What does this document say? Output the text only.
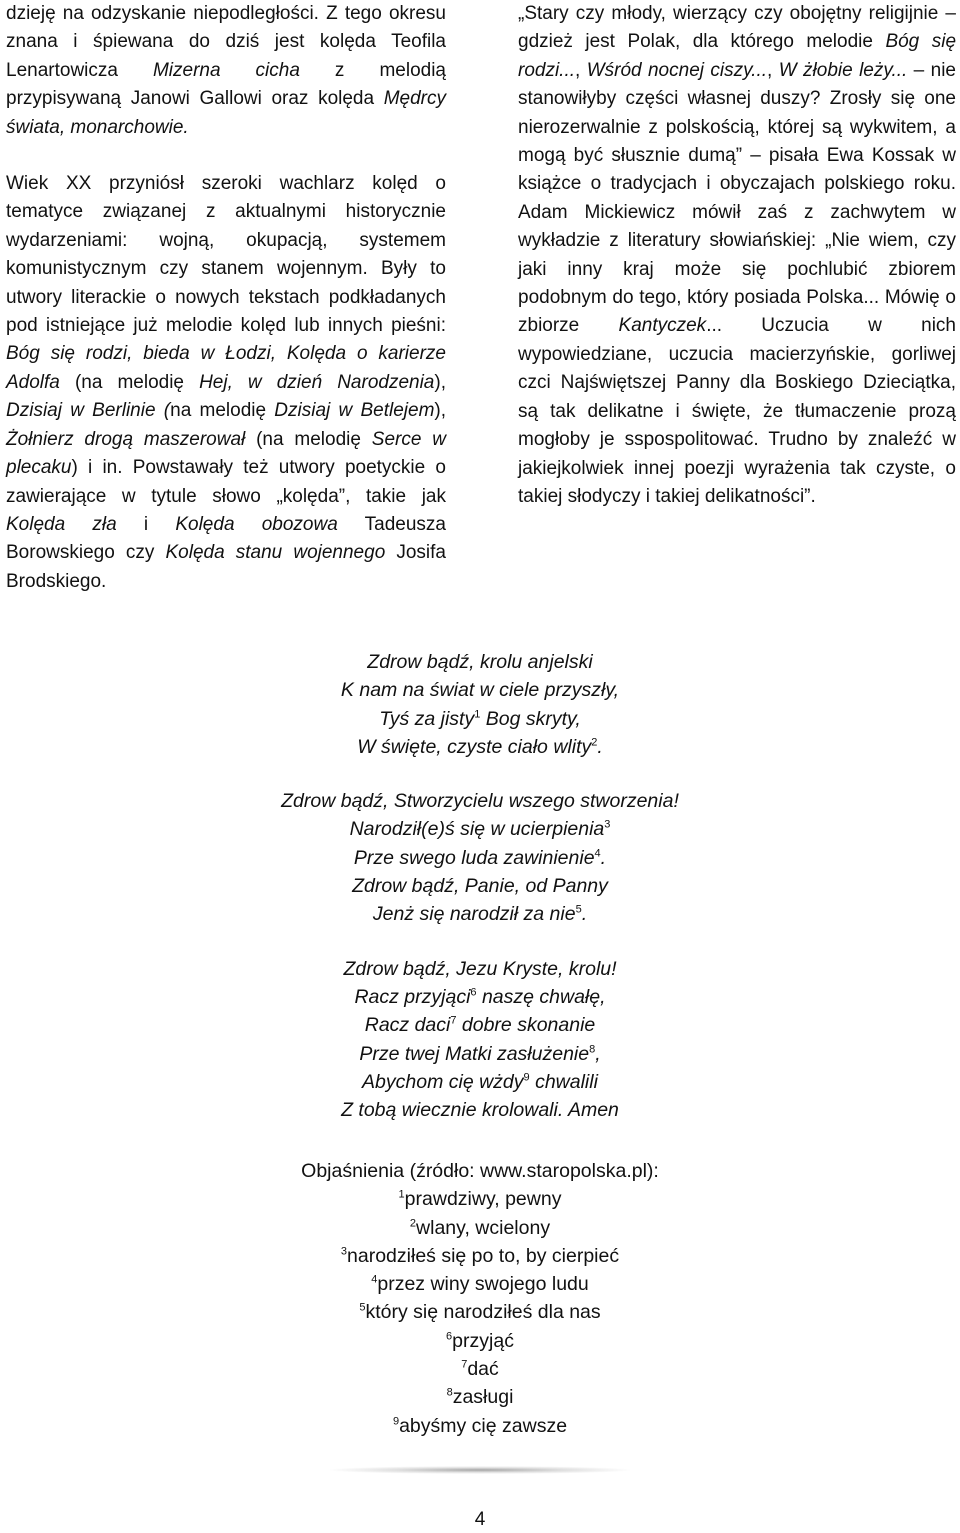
dzieję na odzyskanie niepodległości. Z tego okresu znana i śpiewana do dziś jest kolęda Teofila Lenartowicza Mizerna cicha z melodią przypisywaną Janowi Gallowi oraz kolęda Mędrcy świata, monarchowie.

Wiek XX przyniósł szeroki wachlarz kolęd o tematyce związanej z aktualnymi historycznie wydarzeniami: wojną, okupacją, systemem komunistycznym czy stanem wojennym. Były to utwory literackie o nowych tekstach podkładanych pod istniejące już melodie kolęd lub innych pieśni: Bóg się rodzi, bieda w Łodzi, Kolęda o karierze Adolfa (na melodię Hej, w dzień Narodzenia), Dzisiaj w Berlinie (na melodię Dzisiaj w Betlejem), Żołnierz drogą maszerował (na melodię Serce w plecaku) i in. Powstawały też utwory poetyckie o zawierające w tytule słowo „kolęda”, takie jak Kolęda zła i Kolęda obozowa Tadeusza Borowskiego czy Kolęda stanu wojennego Josifa Brodskiego.

„Stary czy młody, wierzący czy obojętny religijnie – gdzież jest Polak, dla którego melodie Bóg się rodzi..., Wśród nocnej ciszy..., W żłobie leży... – nie stanowiłyby części własnej duszy? Zrosły się one nierozerwalnie z polskością, której są wykwitem, a mogą być słusznie dumą” – pisała Ewa Kossak w książce o tradycjach i obyczajach polskiego roku. Adam Mickiewicz mówił zaś z zachwytem w wykładzie z literatury słowiańskiej: „Nie wiem, czy jaki inny kraj może się pochlubić zbiorem podobnym do tego, który posiada Polska... Mówię o zbiorze Kantyczek... Uczucia w nich wypowiedziane, uczucia macierzyńskie, gorliwej czci Najświętszej Panny dla Boskiego Dzieciątka, są tak delikatne i święte, że tłumaczenie prozą mogłoby je sspospolitować. Trudno by znaleźć w jakiejkolwiek innej poezji wyrażenia tak czyste, o takiej słodyczy i takiej delikatności”.

Zdrow bądź, krolu anjelski
K nam na świat w ciele przyszły,
Tyś za jisty$^1$ Bog skryty,
W święte, czyste ciało wlity$^2$.
Zdrow bądź, Stworzycielu wszego stworzenia!
Narodził(e)ś się w ucierpienia$^3$
Prze swego luda zawinienie$^4$.
Zdrow bądź, Panie, od Panny
Jenż się narodził za nie$^5$.
Zdrow bądź, Jezu Kryste, krolu!
Racz przyjąci$^6$ naszę chwałę,
Racz daci$^7$ dobre skonanie
Prze twej Matki zasłużenie$^8$,
Abychom cię wżdy$^9$ chwalili
Z tobą wiecznie krolowali. Amen
Objaśnienia (źródło: www.staropolska.pl):
$^1$prawdziwy, pewny
$^2$wlany, wcielony
$^3$narodziłeś się po to, by cierpieć
$^4$przez winy swojego ludu
$^5$który się narodziłeś dla nas
$^6$przyjąć
$^7$dać
$^8$zasługi
$^9$abyśmy cię zawsze
4
